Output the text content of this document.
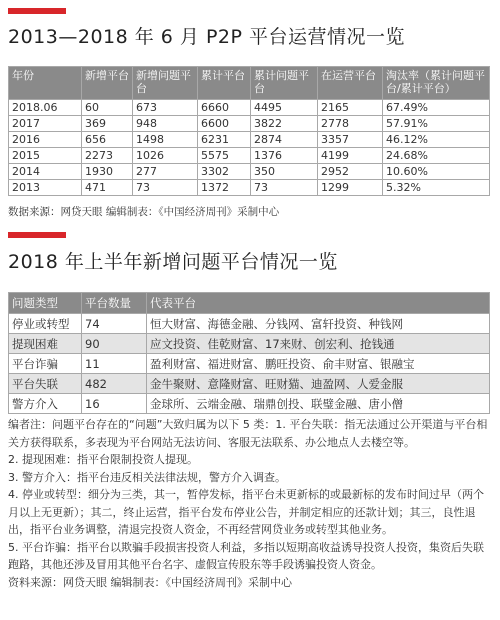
2013—2018 年 6 月 P2P 平台运营情况一览
年份	新增平台	新增问题平台	累计平台	累计问题平台	在运营平台	淘汰率（累计问题平台/累计平台）
2018.06	60	673	6660	4495	2165	67.49%
2017	369	948	6600	3822	2778	57.91%
2016	656	1498	6231	2874	3357	46.12%
2015	2273	1026	5575	1376	4199	24.68%
2014	1930	277	3302	350	2952	10.60%
2013	471	73	1372	73	1299	5.32%
数据来源：网贷天眼 编辑制表：《中国经济周刊》采制中心
2018 年上半年新增问题平台情况一览
问题类型	平台数量	代表平台
停业或转型	74	恒大财富、海德金融、分钱网、富轩投资、种钱网
提现困难	90	应文投资、佳乾财富、17来财、创宏利、抢钱通
平台诈骗	11	盈利财富、福进财富、鹏旺投资、俞丰财富、银融宝
平台失联	482	金牛聚财、意隆财富、旺财猫、迪盈网、人爱金服
警方介入	16	金球所、云端金融、瑞鼎创投、联璧金融、唐小僧

编者注：问题平台存在的“问题”大致归属为以下 5 类：1. 平台失联：指无法通过公开渠道与平台相关方获得联系，多表现为平台网站无法访问、客服无法联系、办公地点人去楼空等。

2. 提现困难：指平台限制投资人提现。

3. 警方介入：指平台违反相关法律法规，警方介入调查。

4. 停业或转型：细分为三类，其一，暂停发标，指平台未更新标的或最新标的发布时间过早（两个月以上无更新）；其二，终止运营，指平台发布停业公告，并制定相应的还款计划；其三，良性退出，指平台业务调整，清退完投资人资金，不再经营网贷业务或转型其他业务。

5. 平台诈骗：指平台以欺骗手段损害投资人利益，多指以短期高收益诱导投资人投资，集资后失联跑路，其他还涉及冒用其他平台名字、虚假宣传股东等手段诱骗投资人资金。

资料来源：网贷天眼 编辑制表：《中国经济周刊》采制中心
